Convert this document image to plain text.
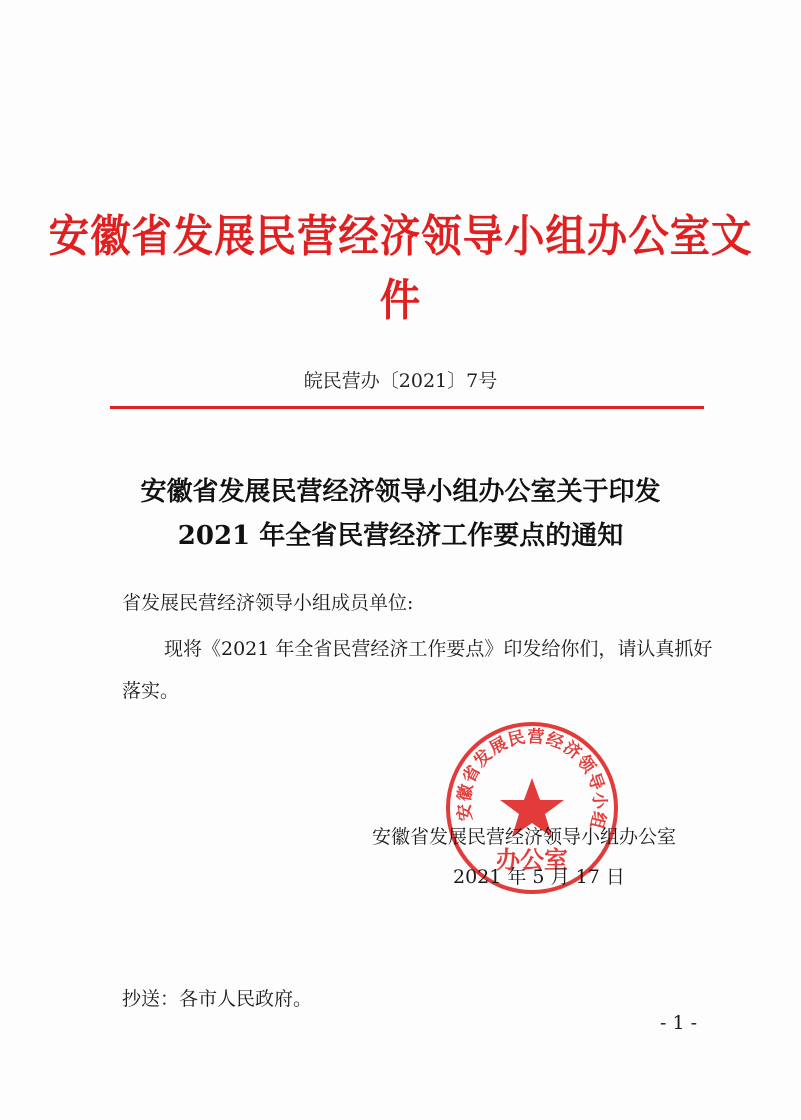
安徽省发展民营经济领导小组办公室文件
皖民营办〔2021〕7号
安徽省发展民营经济领导小组办公室关于印发
2021 年全省民营经济工作要点的通知
省发展民营经济领导小组成员单位:
现将《2021 年全省民营经济工作要点》印发给你们，请认真抓好落实。
安徽省发展民营经济领导小组
办公室
安徽省发展民营经济领导小组办公室
2021 年 5 月 17 日
抄送：各市人民政府。
- 1 -
